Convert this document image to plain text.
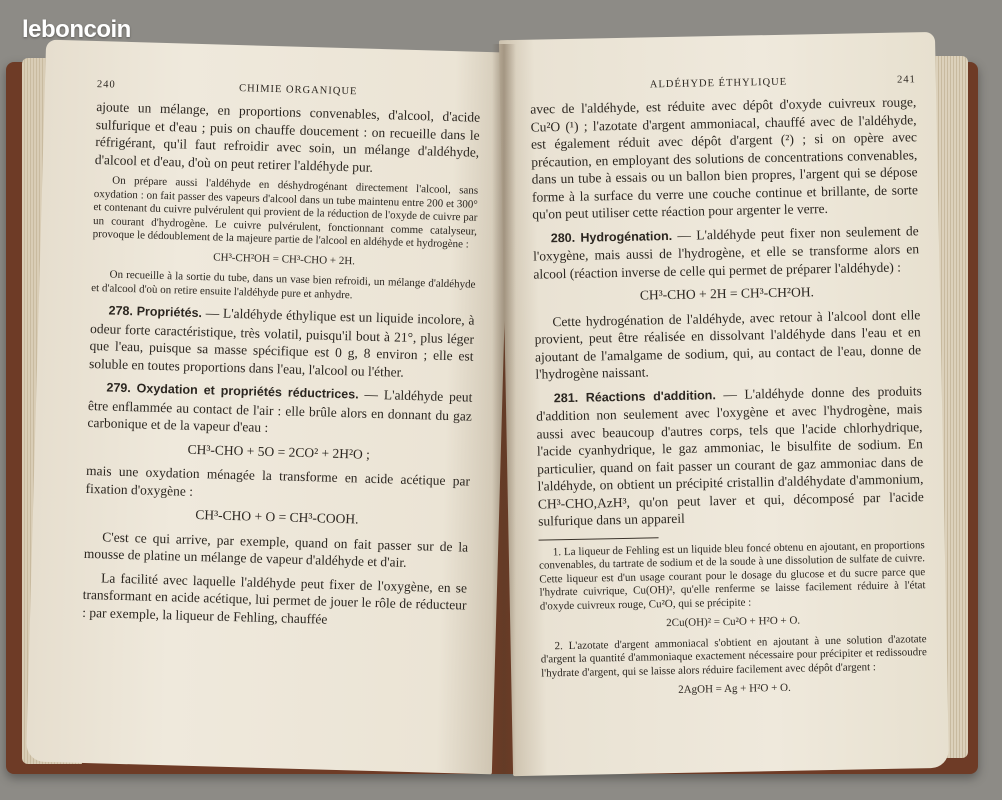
leboncoin
240	CHIMIE ORGANIQUE

ajoute un mélange, en proportions convenables, d'alcool, d'acide sulfurique et d'eau ; puis on chauffe doucement : on recueille dans le réfrigérant, qu'il faut refroidir avec soin, un mélange d'aldéhyde, d'alcool et d'eau, d'où on peut retirer l'aldéhyde pur.

On prépare aussi l'aldéhyde en déshydrogénant directement l'alcool, sans oxydation : on fait passer des vapeurs d'alcool dans un tube maintenu entre 200 et 300° et contenant du cuivre pulvérulent qui provient de la réduction de l'oxyde de cuivre par un courant d'hydrogène. Le cuivre pulvérulent, fonctionnant comme catalyseur, provoque le dédoublement de la majeure partie de l'alcool en aldéhyde et hydrogène :

CH³-CH²OH = CH³-CHO + 2H.

On recueille à la sortie du tube, dans un vase bien refroidi, un mélange d'aldéhyde et d'alcool d'où on retire ensuite l'aldéhyde pure et anhydre.

278. Propriétés. — L'aldéhyde éthylique est un liquide incolore, à odeur forte caractéristique, très volatil, puisqu'il bout à 21°, plus léger que l'eau, puisque sa masse spécifique est 0 g, 8 environ ; elle est soluble en toutes proportions dans l'eau, l'alcool ou l'éther.

279. Oxydation et propriétés réductrices. — L'aldéhyde peut être enflammée au contact de l'air : elle brûle alors en donnant du gaz carbonique et de la vapeur d'eau :

CH³-CHO + 5O = 2CO² + 2H²O ;

mais une oxydation ménagée la transforme en acide acétique par fixation d'oxygène :

CH³-CHO + O = CH³-COOH.

C'est ce qui arrive, par exemple, quand on fait passer sur de la mousse de platine un mélange de vapeur d'aldéhyde et d'air.

La facilité avec laquelle l'aldéhyde peut fixer de l'oxygène, en se transformant en acide acétique, lui permet de jouer le rôle de réducteur : par exemple, la liqueur de Fehling, chauffée

ALDÉHYDE ÉTHYLIQUE	241

avec de l'aldéhyde, est réduite avec dépôt d'oxyde cuivreux rouge, Cu²O (¹) ; l'azotate d'argent ammoniacal, chauffé avec de l'aldéhyde, est également réduit avec dépôt d'argent (²) ; si on opère avec précaution, en employant des solutions de concentrations convenables, dans un tube à essais ou un ballon bien propres, l'argent qui se dépose forme à la surface du verre une couche continue et brillante, de sorte qu'on peut utiliser cette réaction pour argenter le verre.

280. Hydrogénation. — L'aldéhyde peut fixer non seulement de l'oxygène, mais aussi de l'hydrogène, et elle se transforme alors en alcool (réaction inverse de celle qui permet de préparer l'aldéhyde) :

CH³-CHO + 2H = CH³-CH²OH.

Cette hydrogénation de l'aldéhyde, avec retour à l'alcool dont elle provient, peut être réalisée en dissolvant l'aldéhyde dans l'eau et en ajoutant de l'amalgame de sodium, qui, au contact de l'eau, donne de l'hydrogène naissant.

281. Réactions d'addition. — L'aldéhyde donne des produits d'addition non seulement avec l'oxygène et avec l'hydrogène, mais aussi avec beaucoup d'autres corps, tels que l'acide chlorhydrique, l'acide cyanhydrique, le gaz ammoniac, le bisulfite de sodium. En particulier, quand on fait passer un courant de gaz ammoniac dans de l'aldéhyde, on obtient un précipité cristallin d'aldéhydate d'ammonium, CH³-CHO,AzH³, qu'on peut laver et qui, décomposé par l'acide sulfurique dans un appareil

1. La liqueur de Fehling est un liquide bleu foncé obtenu en ajoutant, en proportions convenables, du tartrate de sodium et de la soude à une dissolution de sulfate de cuivre. Cette liqueur est d'un usage courant pour le dosage du glucose et du sucre parce que l'hydrate cuivrique, Cu(OH)², qu'elle renferme se laisse facilement réduire à l'état d'oxyde cuivreux rouge, Cu²O, qui se précipite :

2Cu(OH)² = Cu²O + H²O + O.

2. L'azotate d'argent ammoniacal s'obtient en ajoutant à une solution d'azotate d'argent la quantité d'ammoniaque exactement nécessaire pour précipiter et redissoudre l'hydrate d'argent, qui se laisse alors réduire facilement avec dépôt d'argent :

2AgOH = Ag + H²O + O.
